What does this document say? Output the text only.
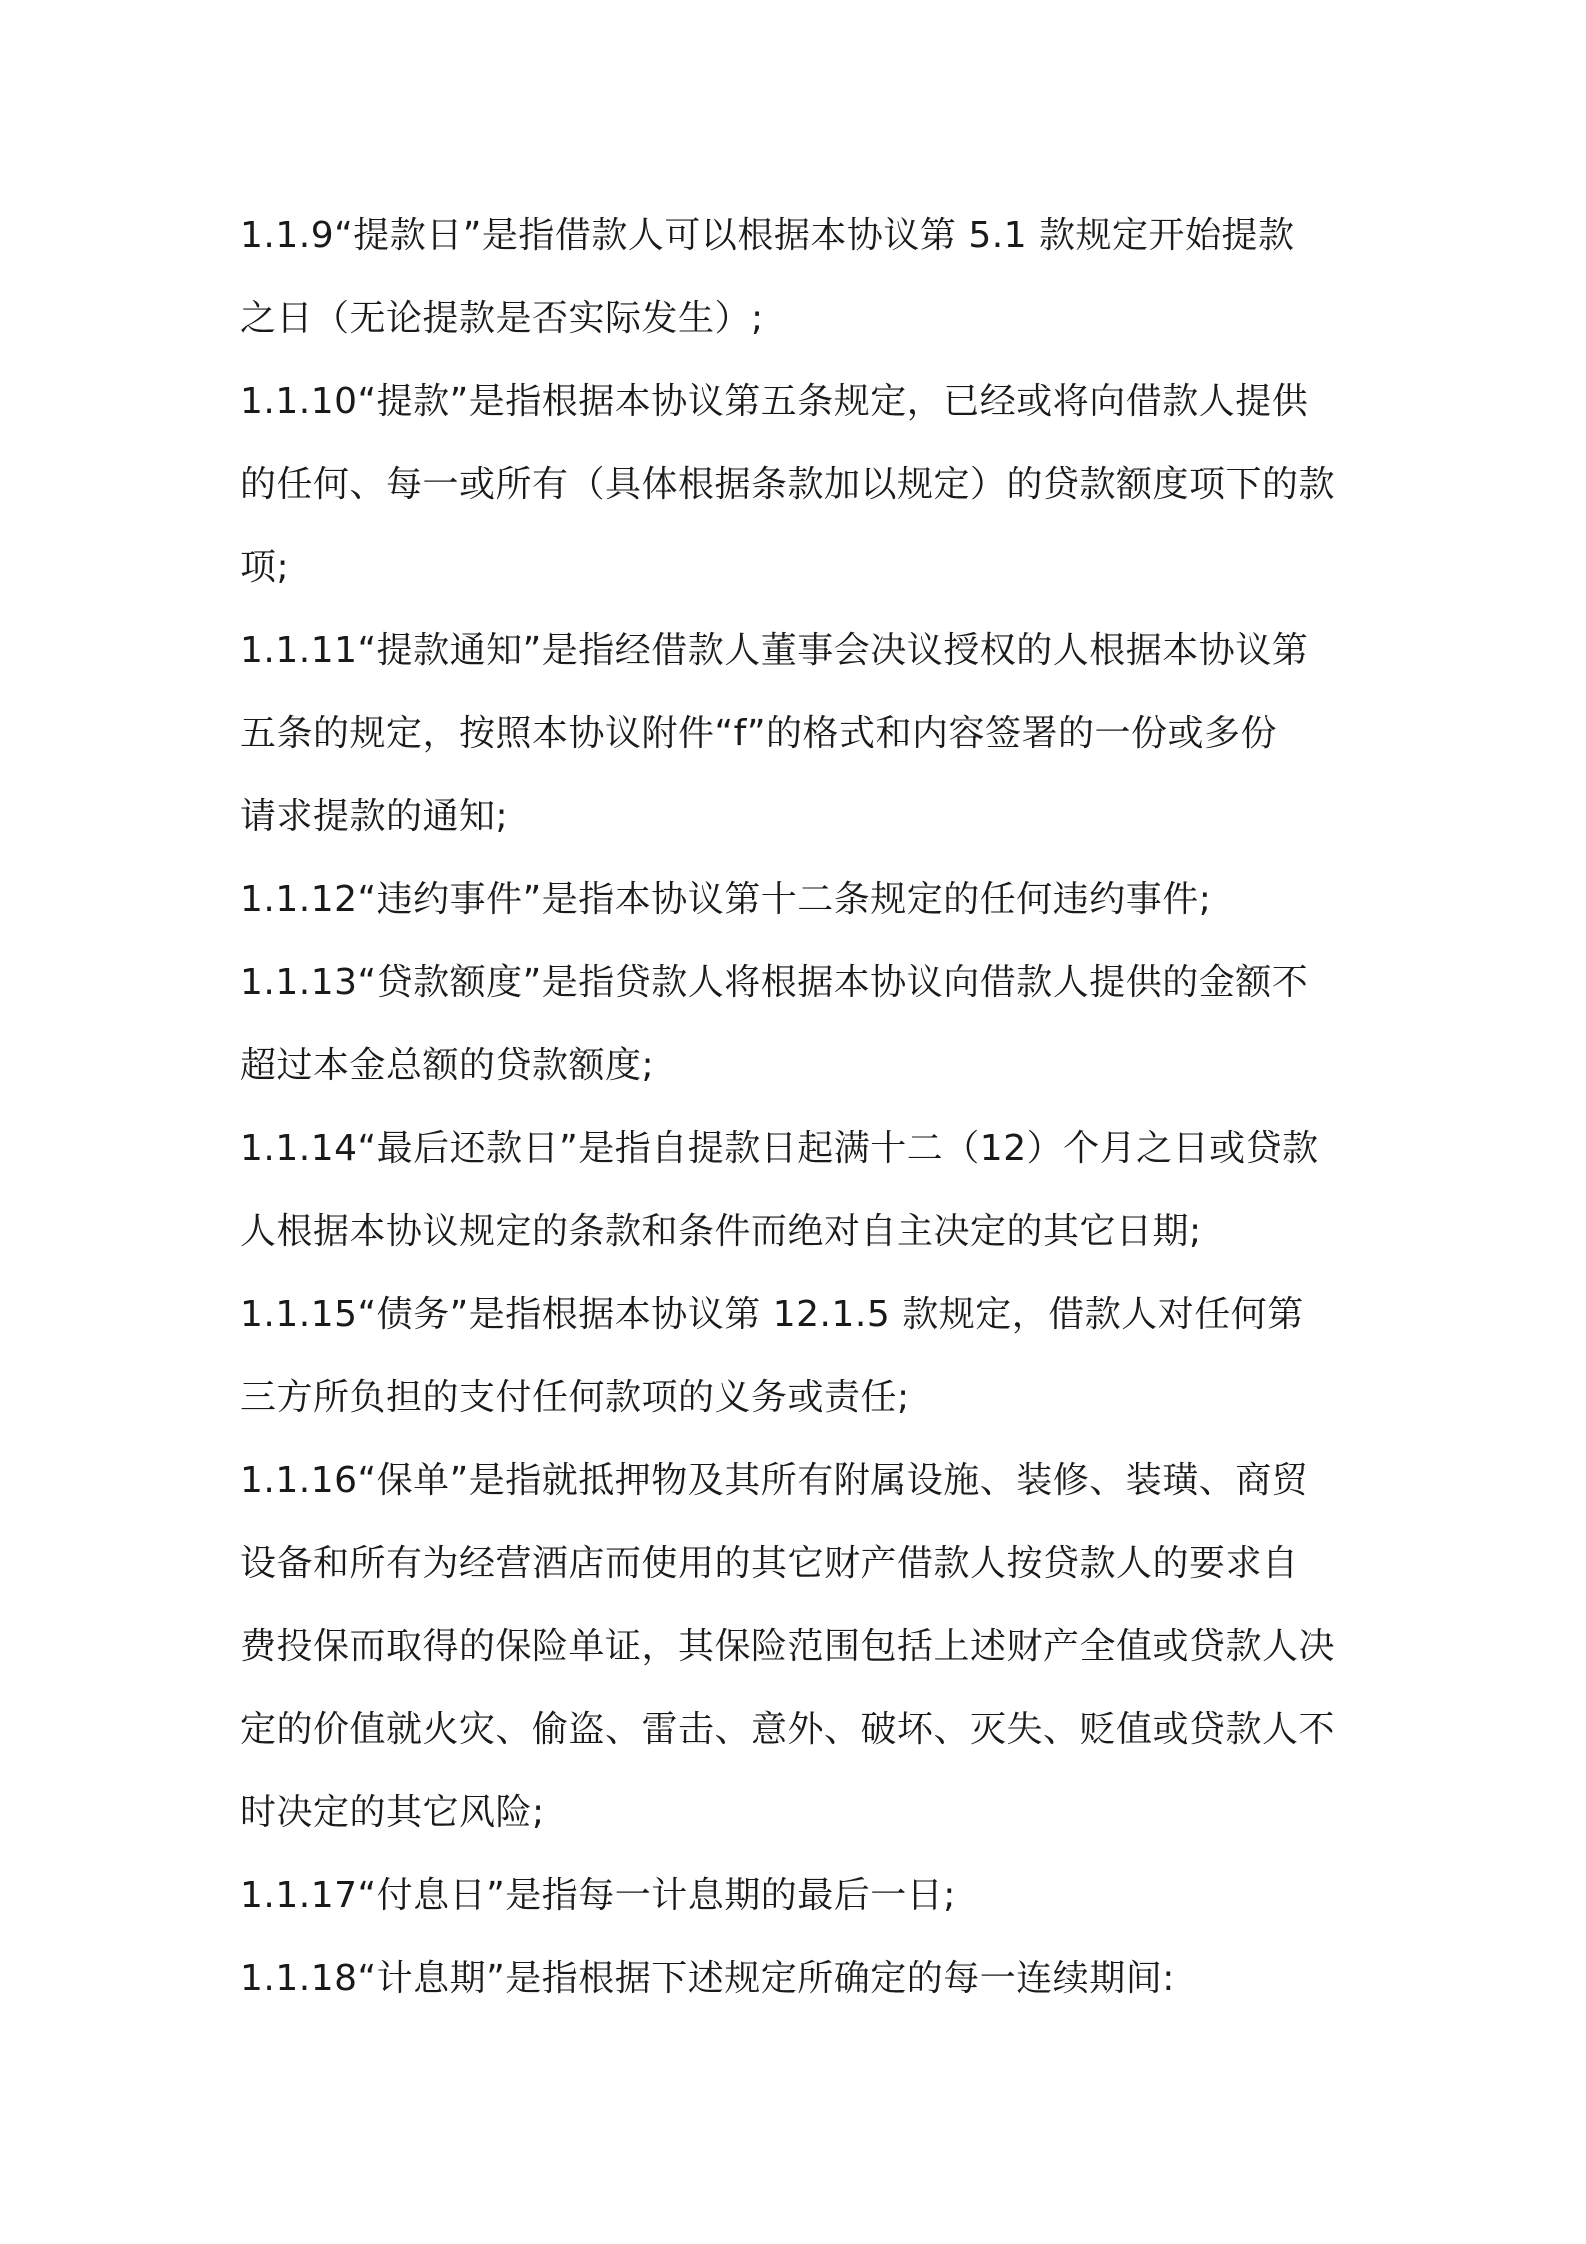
1.1.9“提款日”是指借款人可以根据本协议第 5.1 款规定开始提款
之日（无论提款是否实际发生）;
1.1.10“提款”是指根据本协议第五条规定，已经或将向借款人提供
的任何、每一或所有（具体根据条款加以规定）的贷款额度项下的款
项;
1.1.11“提款通知”是指经借款人董事会决议授权的人根据本协议第
五条的规定，按照本协议附件“f”的格式和内容签署的一份或多份
请求提款的通知;
1.1.12“违约事件”是指本协议第十二条规定的任何违约事件;
1.1.13“贷款额度”是指贷款人将根据本协议向借款人提供的金额不
超过本金总额的贷款额度;
1.1.14“最后还款日”是指自提款日起满十二（12）个月之日或贷款
人根据本协议规定的条款和条件而绝对自主决定的其它日期;
1.1.15“债务”是指根据本协议第 12.1.5 款规定，借款人对任何第
三方所负担的支付任何款项的义务或责任;
1.1.16“保单”是指就抵押物及其所有附属设施、装修、装璜、商贸
设备和所有为经营酒店而使用的其它财产借款人按贷款人的要求自
费投保而取得的保险单证，其保险范围包括上述财产全值或贷款人决
定的价值就火灾、偷盗、雷击、意外、破坏、灭失、贬值或贷款人不
时决定的其它风险;
1.1.17“付息日”是指每一计息期的最后一日;
1.1.18“计息期”是指根据下述规定所确定的每一连续期间:
